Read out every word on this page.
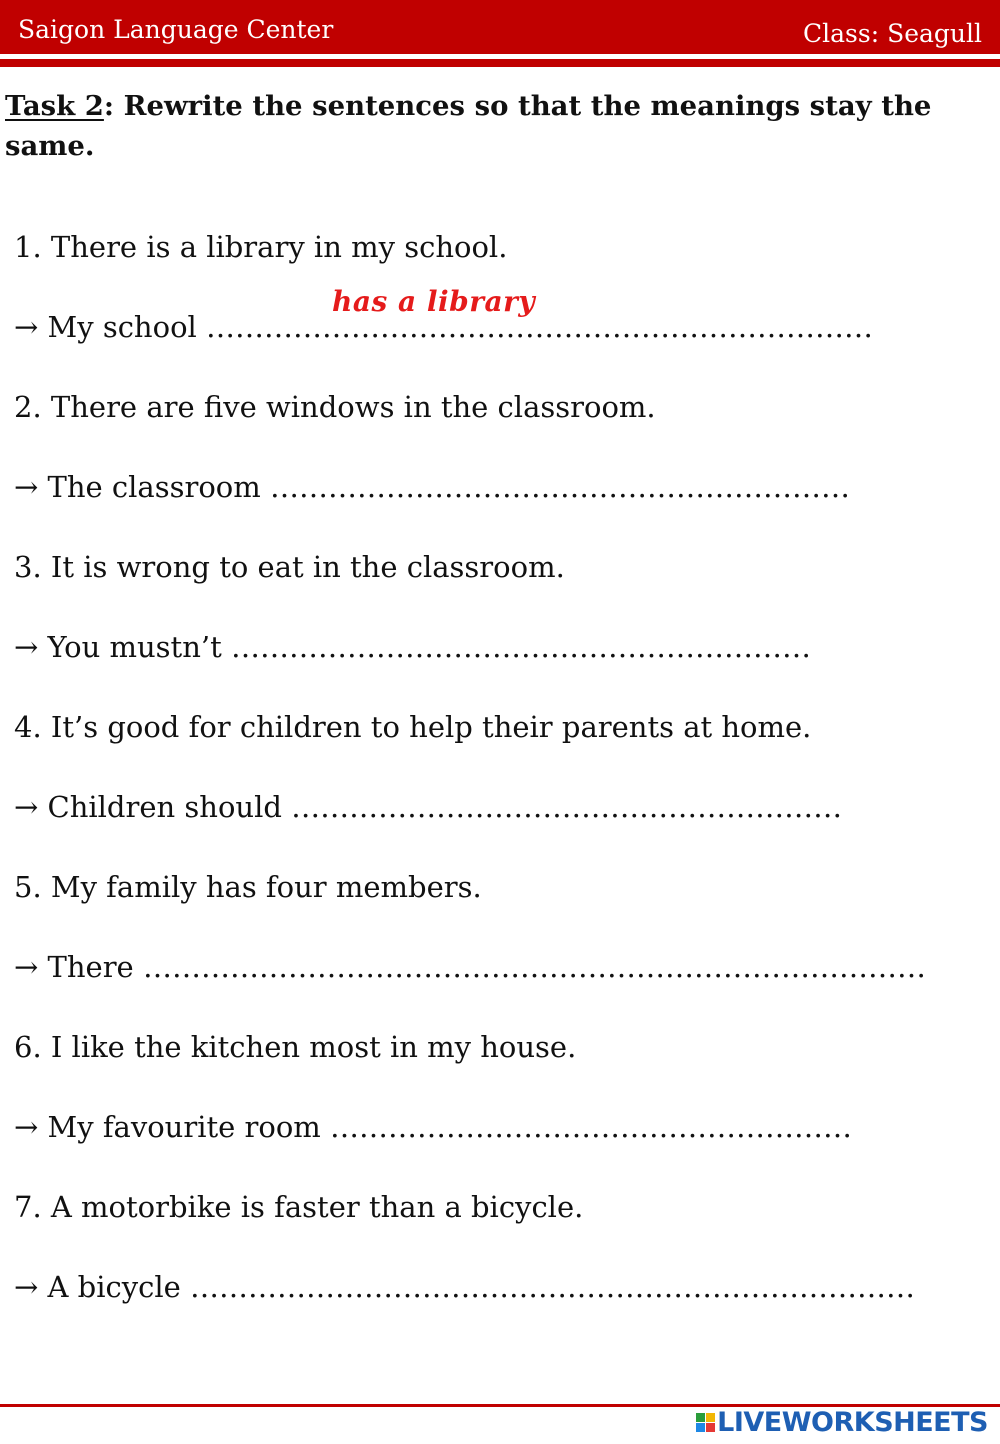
Saigon Language Center	Class: Seagull
Task 2: Rewrite the sentences so that the meanings stay the same.
1. There is a library in my school.
→ My school ……………………………………………………………
has a library
2. There are five windows in the classroom.
→ The classroom ……………………………………………………
3. It is wrong to eat in the classroom.
→ You mustn’t ……………………………………………………
4. It’s good for children to help their parents at home.
→ Children should …………………………………………………
5. My family has four members.
→ There ………………………………………………………………………
6. I like the kitchen most in my house.
→ My favourite room ………………………………………………
7. A motorbike is faster than a bicycle.
→ A bicycle …………………………………………………………………
LIVEWORKSHEETS
